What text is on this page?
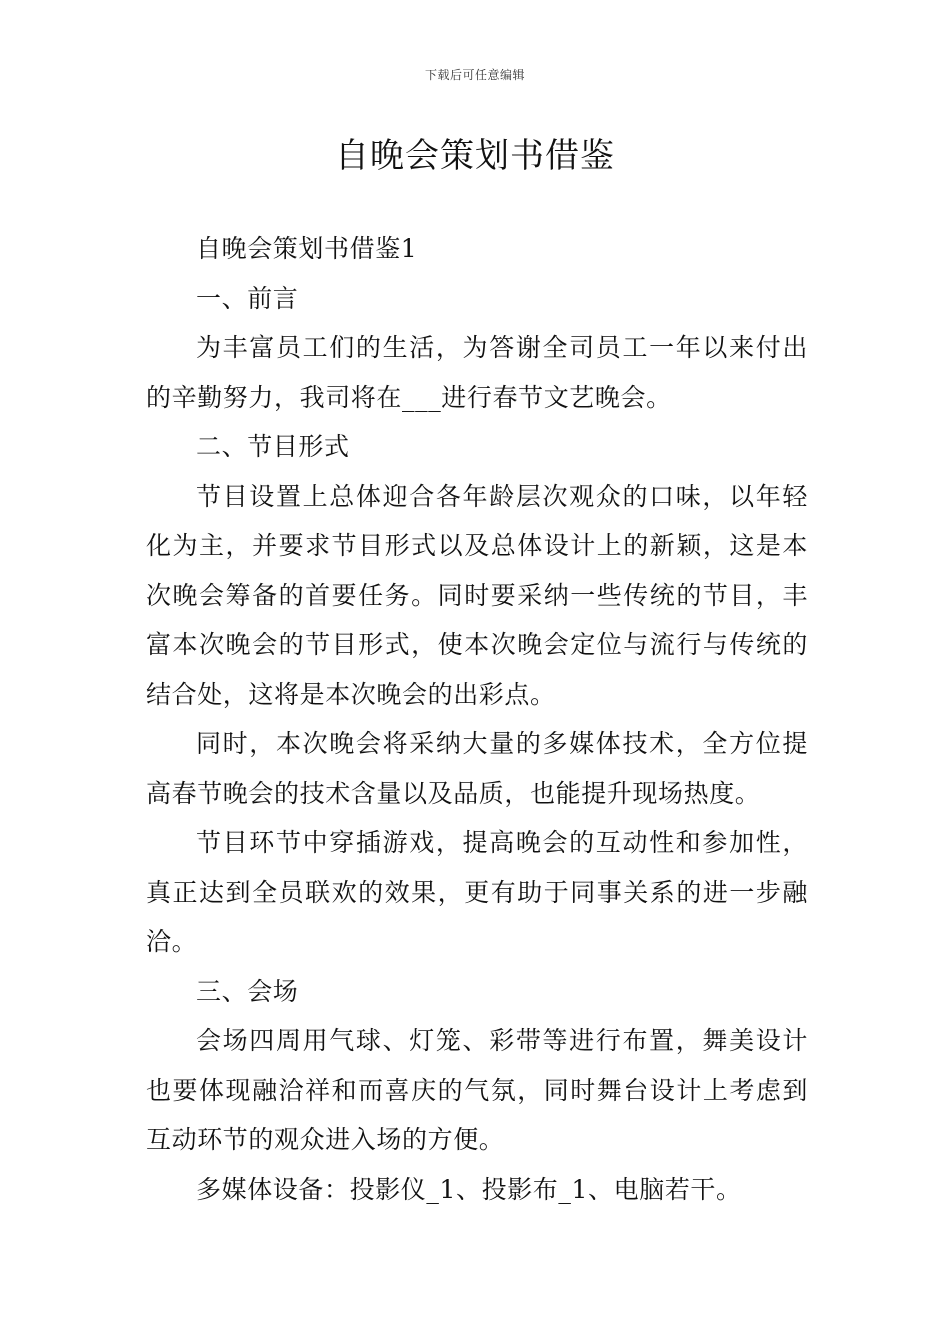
下载后可任意编辑
自晚会策划书借鉴

自晚会策划书借鉴1

一、前言

为丰富员工们的生活，为答谢全司员工一年以来付出的辛勤努力，我司将在___进行春节文艺晚会。

二、节目形式

节目设置上总体迎合各年龄层次观众的口味，以年轻化为主，并要求节目形式以及总体设计上的新颖，这是本次晚会筹备的首要任务。同时要采纳一些传统的节目，丰富本次晚会的节目形式，使本次晚会定位与流行与传统的结合处，这将是本次晚会的出彩点。

同时，本次晚会将采纳大量的多媒体技术，全方位提高春节晚会的技术含量以及品质，也能提升现场热度。

节目环节中穿插游戏，提高晚会的互动性和参加性，真正达到全员联欢的效果，更有助于同事关系的进一步融洽。

三、会场

会场四周用气球、灯笼、彩带等进行布置，舞美设计也要体现融洽祥和而喜庆的气氛，同时舞台设计上考虑到互动环节的观众进入场的方便。

多媒体设备：投影仪_1、投影布_1、电脑若干。
